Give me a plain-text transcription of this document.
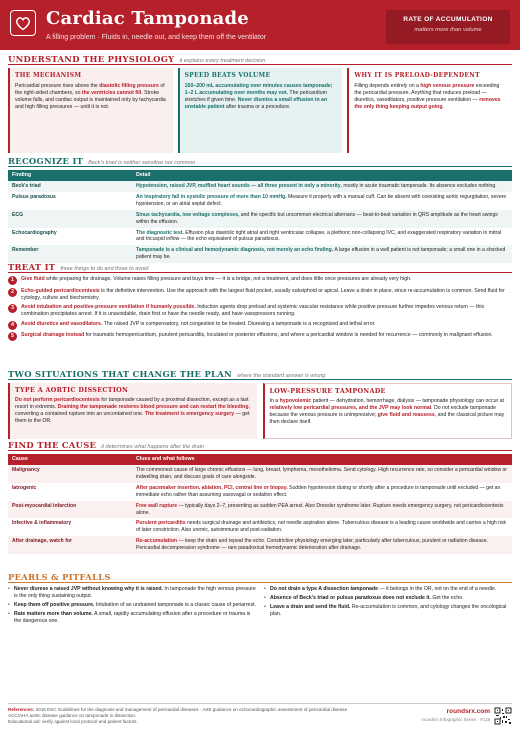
Cardiac Tamponade
A filling problem · Fluids in, needle out, and keep them off the ventilator
RATE OF ACCUMULATION
matters more than volume
UNDERSTAND THE PHYSIOLOGY it explains every treatment decision
THE MECHANISM
Pericardial pressure rises above the diastolic filling pressure of the right-sided chambers, so the ventricles cannot fill. Stroke volume falls, and cardiac output is maintained only by tachycardia and high filling pressures — until it is not.
SPEED BEATS VOLUME
150–200 mL accumulating over minutes causes tamponade; 1–2 L accumulating over months may not. The pericardium stretches if given time. Never dismiss a small effusion in an unstable patient after trauma or a procedure.
WHY IT IS PRELOAD-DEPENDENT
Filling depends entirely on a high venous pressure exceeding the pericardial pressure. Anything that reduces preload — diuretics, vasodilators, positive pressure ventilation — removes the only thing keeping output going.
RECOGNIZE IT Beck's triad is neither sensitive nor common
Finding	Detail
Beck's triad	Hypotension, raised JVP, muffled heart sounds — all three present in only a minority, mostly in acute traumatic tamponade. Its absence excludes nothing.
Pulsus paradoxus	An inspiratory fall in systolic pressure of more than 10 mmHg. Measure it properly with a manual cuff. Can be absent with coexisting aortic regurgitation, severe hypotension, or an atrial septal defect.
ECG	Sinus tachycardia, low voltage complexes, and the specific but uncommon electrical alternans — beat-to-beat variation in QRS amplitude as the heart swings within the effusion.
Echocardiography	The diagnostic test. Effusion plus diastolic right atrial and right ventricular collapse, a plethoric non-collapsing IVC, and exaggerated respiratory variation in mitral and tricuspid inflow — the echo equivalent of pulsus paradoxus.
Remember	Tamponade is a clinical and hemodynamic diagnosis, not merely an echo finding. A large effusion in a well patient is not tamponade; a small one in a shocked patient may be.
TREAT IT three things to do and three to avoid
1	Give fluid while preparing for drainage. Volume raises filling pressure and buys time — it is a bridge, not a treatment, and does little once pressures are already very high.
2	Echo-guided pericardiocentesis is the definitive intervention. Use the approach with the largest fluid pocket, usually subxiphoid or apical. Leave a drain in place, since re-accumulation is common. Send fluid for cytology, culture and biochemistry.
3	Avoid intubation and positive-pressure ventilation if humanly possible. Induction agents drop preload and systemic vascular resistance while positive pressure further impedes venous return — this combination precipitates arrest. If it is unavoidable, drain first or have the needle ready, and have vasopressors running.
4	Avoid diuretics and vasodilators. The raised JVP is compensatory, not congestion to be treated. Diuresing a tamponade is a recognized and lethal error.
5	Surgical drainage instead for traumatic hemopericardium, purulent pericarditis, loculated or posterior effusions, and where a pericardial window is needed for recurrence — commonly in malignant effusion.
TWO SITUATIONS THAT CHANGE THE PLAN where the standard answer is wrong
TYPE A AORTIC DISSECTION
Do not perform pericardiocentesis for tamponade caused by a proximal dissection, except as a last resort in extremis. Draining the tamponade restores blood pressure and can restart the bleeding, converting a contained rupture into an uncontained one. The treatment is emergency surgery — get them to the OR.
LOW-PRESSURE TAMPONADE
In a hypovolemic patient — dehydration, hemorrhage, dialysis — tamponade physiology can occur at relatively low pericardial pressures, and the JVP may look normal. Do not exclude tamponade because the venous pressure is unimpressive; give fluid and reassess, and the classical picture may then declare itself.
FIND THE CAUSE it determines what happens after the drain
Cause	Clues and what follows
Malignancy	The commonest cause of large chronic effusions — lung, breast, lymphoma, mesothelioma. Send cytology. High recurrence rate, so consider a pericardial window or indwelling drain, and discuss goals of care alongside.
Iatrogenic	After pacemaker insertion, ablation, PCI, central line or biopsy. Sudden hypotension during or shortly after a procedure is tamponade until excluded — get an immediate echo rather than assuming vasovagal or sedation effect.
Post-myocardial infarction	Free wall rupture — typically days 2–7, presenting as sudden PEA arrest. Also Dressler syndrome later. Rupture needs emergency surgery, not pericardiocentesis alone.
Infective & inflammatory	Purulent pericarditis needs surgical drainage and antibiotics, not needle aspiration alone. Tuberculous disease is a leading cause worldwide and carries a high risk of later constriction. Also uremic, autoimmune and post-radiation.
After drainage, watch for	Re-accumulation — keep the drain and repeat the echo. Constrictive physiology emerging later, particularly after tuberculous, purulent or radiation disease. Pericardial decompression syndrome — rare paradoxical hemodynamic deterioration after drainage.
PEARLS & PITFALLS
• Never diurese a raised JVP without knowing why it is raised. In tamponade the high venous pressure is the only thing sustaining output.
• Keep them off positive pressure. Intubation of an undrained tamponade is a classic cause of periarrest.
• Rate matters more than volume. A small, rapidly accumulating effusion after a procedure or trauma is the dangerous one.
• Do not drain a type A dissection tamponade — it belongs in the OR, not on the end of a needle.
• Absence of Beck's triad or pulsus paradoxus does not exclude it. Get the echo.
• Leave a drain and send the fluid. Re-accumulation is common, and cytology changes the oncological plan.
References: 2015 ESC Guidelines for the diagnosis and management of pericardial diseases · ASE guidance on echocardiographic assessment of pericardial disease
ACC/AHA aortic disease guidance on tamponade in dissection.
Educational aid: verify against local protocol and patient factors.
roundsrx.com
roundsrx Infographic Series · #118
